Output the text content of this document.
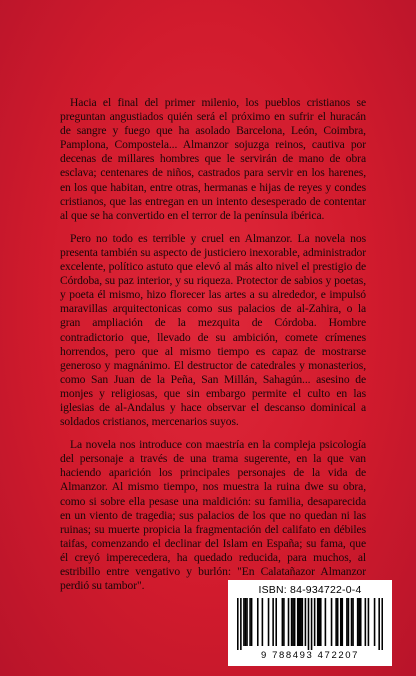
Hacia el final del primer milenio, los pueblos cristianos se preguntan angustiados quién será el próximo en sufrir el huracán de sangre y fuego que ha asolado Barcelona, León, Coimbra, Pamplona, Compostela... Almanzor sojuzga reinos, cautiva por decenas de millares hombres que le servirán de mano de obra esclava; centenares de niños, castrados para servir en los harenes, en los que habitan, entre otras, hermanas e hijas de reyes y condes cristianos, que las entregan en un intento desesperado de contentar al que se ha convertido en el terror de la península ibérica.

Pero no todo es terrible y cruel en Almanzor. La novela nos presenta también su aspecto de justiciero inexorable, administrador excelente, político astuto que elevó al más alto nivel el prestigio de Córdoba, su paz interior, y su riqueza. Protector de sabios y poetas, y poeta él mismo, hizo florecer las artes a su alrededor, e impulsó maravillas arquitectonicas como sus palacios de al-Zahira, o la gran ampliación de la mezquita de Córdoba. Hombre contradictorio que, llevado de su ambición, comete crímenes horrendos, pero que al mismo tiempo es capaz de mostrarse generoso y magnánimo. El destructor de catedrales y monasterios, como San Juan de la Peña, San Millán, Sahagún... asesino de monjes y religiosas, que sin embargo permite el culto en las iglesias de al-Andalus y hace observar el descanso dominical a soldados cristianos, mercenarios suyos.

La novela nos introduce con maestría en la compleja psicología del personaje a través de una trama sugerente, en la que van haciendo aparición los principales personajes de la vida de Almanzor. Al mismo tiempo, nos muestra la ruina dwe su obra, como si sobre ella pesase una maldición: su familia, desaparecida en un viento de tragedia; sus palacios de los que no quedan ni las ruinas; su muerte propicia la fragmentación del califato en débiles taifas, comenzando el declinar del Islam en España; su fama, que él creyó imperecedera, ha quedado reducida, para muchos, al estribillo entre vengativo y burlón: "En Calatañazor Almanzor perdió su tambor".	ISBN: 84-934722-0-4
9 788493 472207
